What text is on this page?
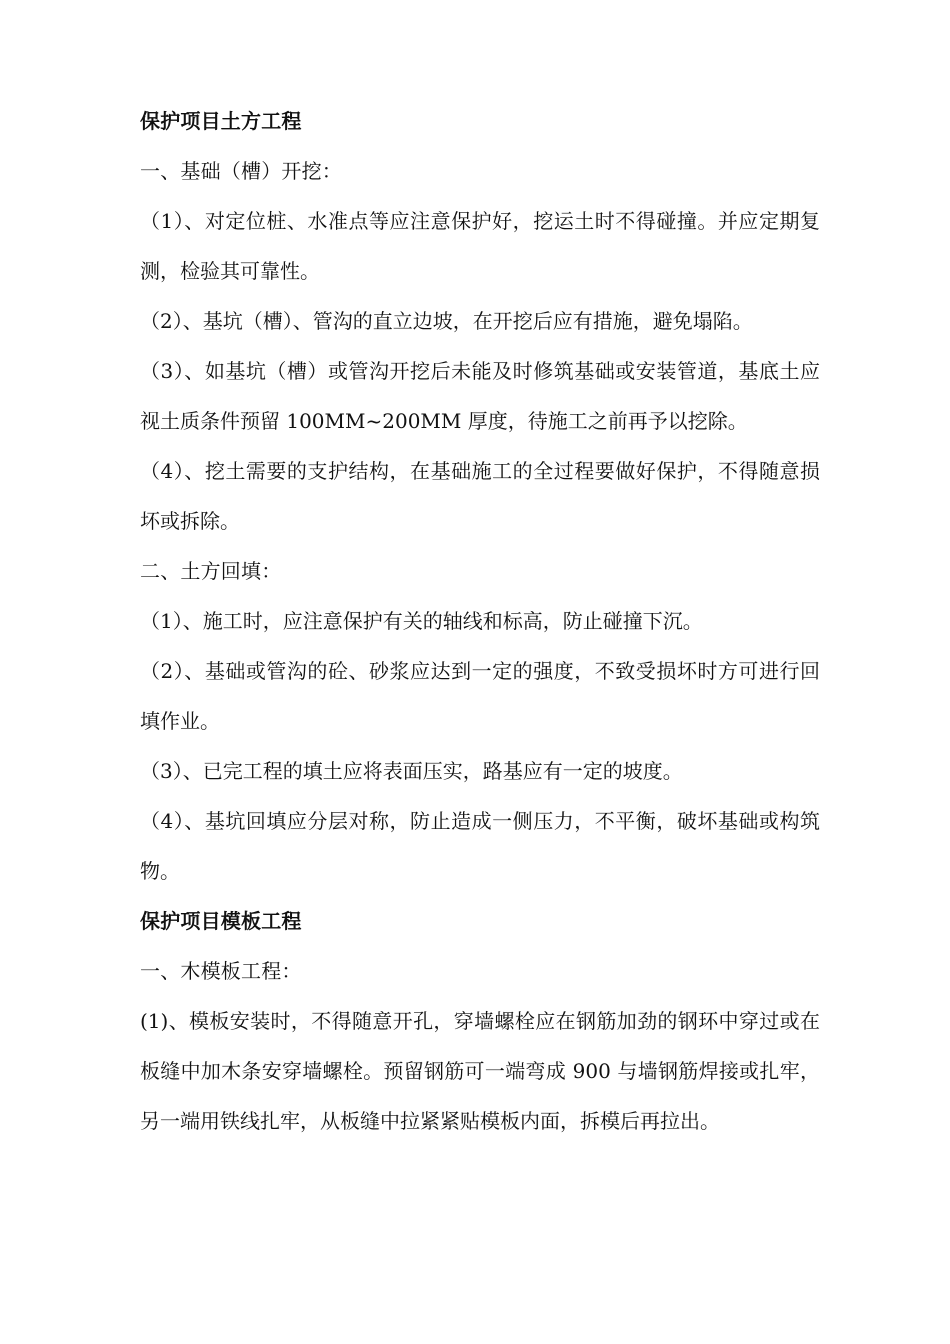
保护项目土方工程
一、基础（槽）开挖：
（1）、对定位桩、水准点等应注意保护好，挖运土时不得碰撞。并应定期复测，检验其可靠性。
（2）、基坑（槽）、管沟的直立边坡，在开挖后应有措施，避免塌陷。
（3）、如基坑（槽）或管沟开挖后未能及时修筑基础或安装管道，基底土应视土质条件预留 100MM~200MM 厚度，待施工之前再予以挖除。
（4）、挖土需要的支护结构，在基础施工的全过程要做好保护，不得随意损坏或拆除。
二、土方回填：
（1）、施工时，应注意保护有关的轴线和标高，防止碰撞下沉。
（2）、基础或管沟的砼、砂浆应达到一定的强度，不致受损坏时方可进行回填作业。
（3）、已完工程的填土应将表面压实，路基应有一定的坡度。
（4）、基坑回填应分层对称，防止造成一侧压力，不平衡，破坏基础或构筑物。
保护项目模板工程
一、木模板工程：
(1)、模板安装时，不得随意开孔，穿墙螺栓应在钢筋加劲的钢环中穿过或在板缝中加木条安穿墙螺栓。预留钢筋可一端弯成 900 与墙钢筋焊接或扎牢，另一端用铁线扎牢，从板缝中拉紧紧贴模板内面，拆模后再拉出。
